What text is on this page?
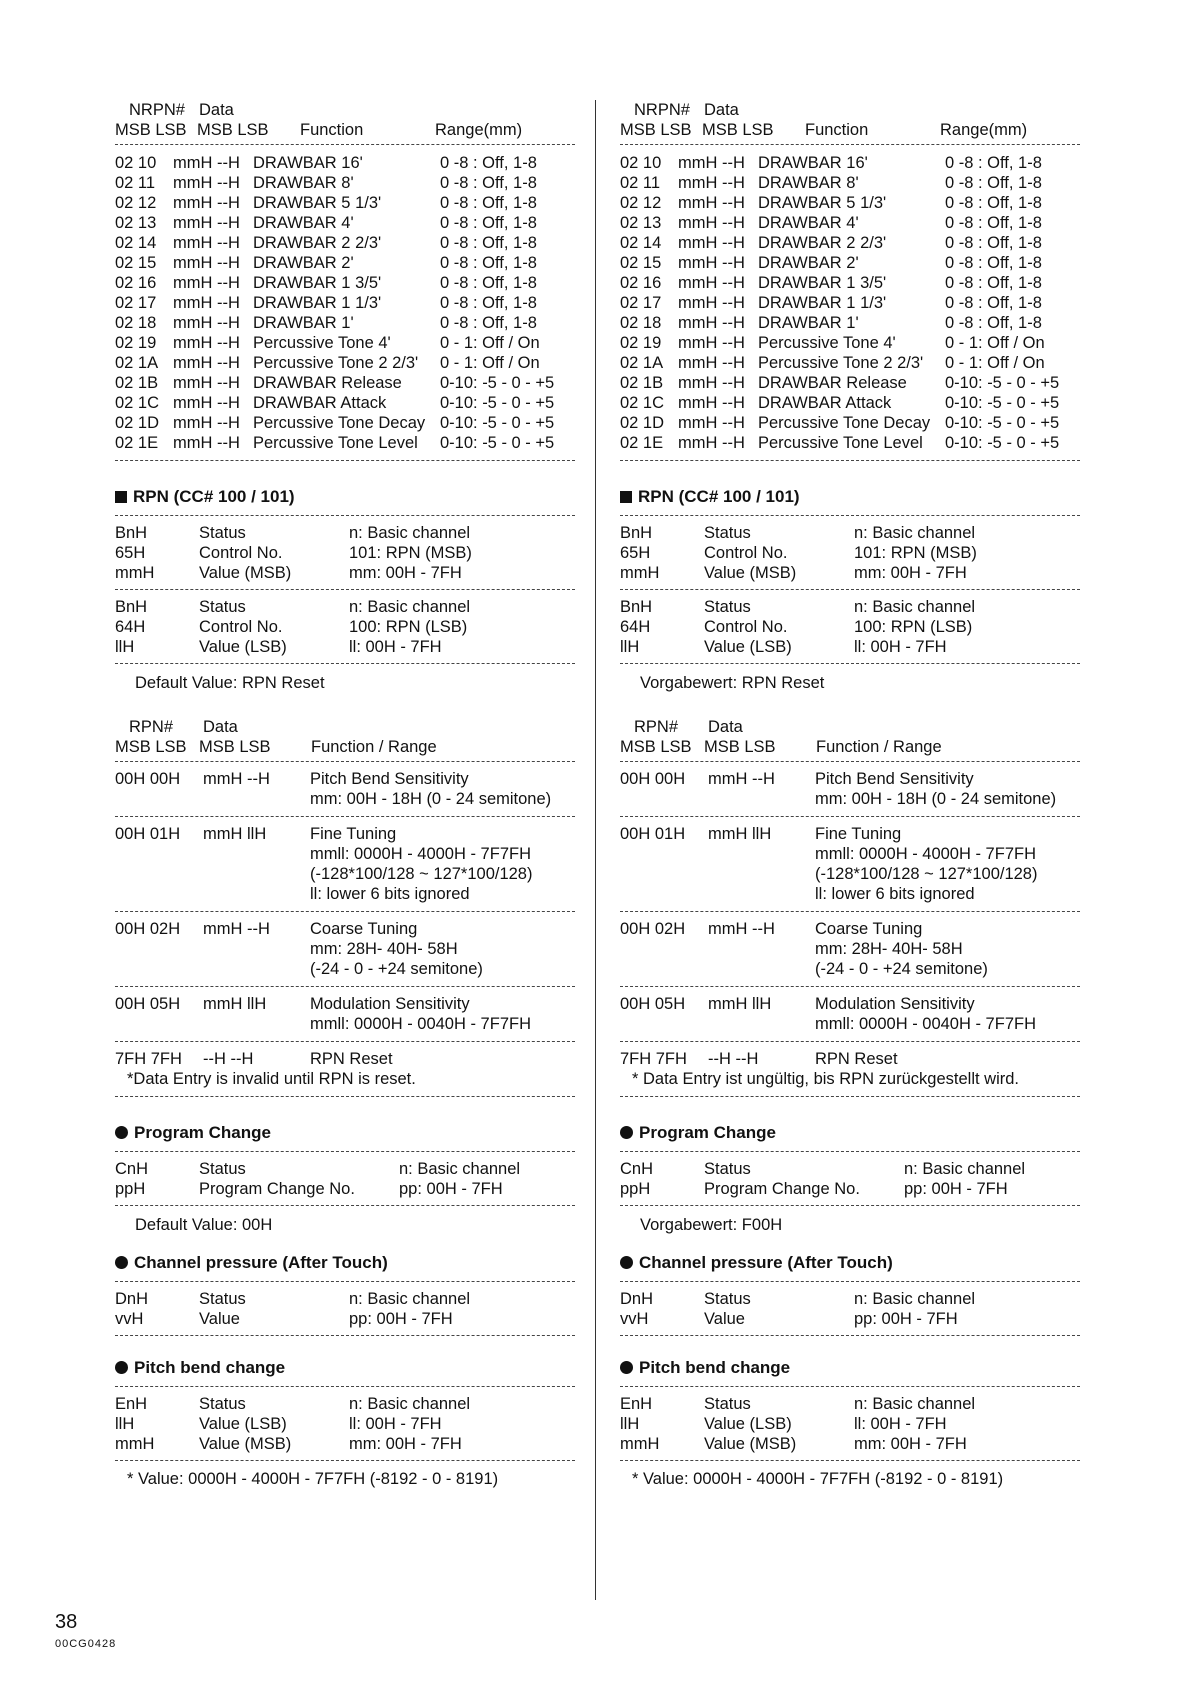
NRPN# Data
MSB LSB MSB LSB Function	Range(mm)
02 10	mmH --H DRAWBAR 16'	0 -8 : Off, 1-8
02 11	mmH --H DRAWBAR 8'	0 -8 : Off, 1-8
02 12	mmH --H DRAWBAR 5 1/3'	0 -8 : Off, 1-8
02 13	mmH --H DRAWBAR 4'	0 -8 : Off, 1-8
02 14	mmH --H DRAWBAR 2 2/3'	0 -8 : Off, 1-8
02 15	mmH --H DRAWBAR 2'	0 -8 : Off, 1-8
02 16	mmH --H DRAWBAR 1 3/5'	0 -8 : Off, 1-8
02 17	mmH --H DRAWBAR 1 1/3'	0 -8 : Off, 1-8
02 18	mmH --H DRAWBAR 1'	0 -8 : Off, 1-8
02 19	mmH --H Percussive Tone 4'	0 - 1: Off / On
02 1A mmH --H Percussive Tone 2 2/3'	0 - 1: Off / On
02 1B mmH --H DRAWBAR Release	0-10: -5 - 0 - +5
02 1C mmH --H DRAWBAR Attack	0-10: -5 - 0 - +5
02 1D mmH --H Percussive Tone Decay 0-10: -5 - 0 - +5
02 1E mmH --H Percussive Tone Level	0-10: -5 - 0 - +5
RPN (CC# 100 / 101)
BnH	Status	n: Basic channel
65H	Control No.	101: RPN (MSB)
mmH	Value (MSB)	mm: 00H - 7FH
BnH	Status	n: Basic channel
64H	Control No.	100: RPN (LSB)
llH	Value (LSB)	ll: 00H - 7FH
Default Value: RPN Reset
RPN# Data
MSB LSB MSB LSB Function / Range
00H 00H	mmH --H	Pitch Bend Sensitivity
mm: 00H - 18H (0 - 24 semitone)
00H 01H	mmH llH	Fine Tuning
mmll: 0000H - 4000H - 7F7FH
(-128*100/128 ~ 127*100/128)
ll: lower 6 bits ignored
00H 02H	mmH --H	Coarse Tuning
mm: 28H- 40H- 58H
(-24 - 0 - +24 semitone)
00H 05H	mmH llH	Modulation Sensitivity
mmll: 0000H - 0040H - 7F7FH
7FH 7FH	--H --H	RPN Reset
*Data Entry is invalid until RPN is reset.
Program Change
CnH	Status	n: Basic channel
ppH	Program Change No.	pp: 00H - 7FH
Default Value: 00H
Channel pressure (After Touch)
DnH	Status	n: Basic channel
vvH	Value	pp: 00H - 7FH
Pitch bend change
EnH	Status	n: Basic channel
llH	Value (LSB)	ll: 00H - 7FH
mmH	Value (MSB)	mm: 00H - 7FH
* Value: 0000H - 4000H - 7F7FH (-8192 - 0 - 8191)
NRPN# Data
MSB LSB MSB LSB Function	Range(mm)
02 10	mmH --H DRAWBAR 16'	0 -8 : Off, 1-8
02 11	mmH --H DRAWBAR 8'	0 -8 : Off, 1-8
02 12	mmH --H DRAWBAR 5 1/3'	0 -8 : Off, 1-8
02 13	mmH --H DRAWBAR 4'	0 -8 : Off, 1-8
02 14	mmH --H DRAWBAR 2 2/3'	0 -8 : Off, 1-8
02 15	mmH --H DRAWBAR 2'	0 -8 : Off, 1-8
02 16	mmH --H DRAWBAR 1 3/5'	0 -8 : Off, 1-8
02 17	mmH --H DRAWBAR 1 1/3'	0 -8 : Off, 1-8
02 18	mmH --H DRAWBAR 1'	0 -8 : Off, 1-8
02 19	mmH --H Percussive Tone 4'	0 - 1: Off / On
02 1A mmH --H Percussive Tone 2 2/3'	0 - 1: Off / On
02 1B mmH --H DRAWBAR Release	0-10: -5 - 0 - +5
02 1C mmH --H DRAWBAR Attack	0-10: -5 - 0 - +5
02 1D mmH --H Percussive Tone Decay 0-10: -5 - 0 - +5
02 1E mmH --H Percussive Tone Level	0-10: -5 - 0 - +5
RPN (CC# 100 / 101)
BnH	Status	n: Basic channel
65H	Control No.	101: RPN (MSB)
mmH	Value (MSB)	mm: 00H - 7FH
BnH	Status	n: Basic channel
64H	Control No.	100: RPN (LSB)
llH	Value (LSB)	ll: 00H - 7FH
Vorgabewert: RPN Reset
RPN# Data
MSB LSB MSB LSB Function / Range
00H 00H	mmH --H	Pitch Bend Sensitivity
mm: 00H - 18H (0 - 24 semitone)
00H 01H	mmH llH	Fine Tuning
mmll: 0000H - 4000H - 7F7FH
(-128*100/128 ~ 127*100/128)
ll: lower 6 bits ignored
00H 02H	mmH --H	Coarse Tuning
mm: 28H- 40H- 58H
(-24 - 0 - +24 semitone)
00H 05H	mmH llH	Modulation Sensitivity
mmll: 0000H - 0040H - 7F7FH
7FH 7FH	--H --H	RPN Reset
* Data Entry ist ungültig, bis RPN zurückgestellt wird.
Program Change
CnH	Status	n: Basic channel
ppH	Program Change No.	pp: 00H - 7FH
Vorgabewert: F00H
Channel pressure (After Touch)
DnH	Status	n: Basic channel
vvH	Value	pp: 00H - 7FH
Pitch bend change
EnH	Status	n: Basic channel
llH	Value (LSB)	ll: 00H - 7FH
mmH	Value (MSB)	mm: 00H - 7FH
* Value: 0000H - 4000H - 7F7FH (-8192 - 0 - 8191)
38
00CG0428
